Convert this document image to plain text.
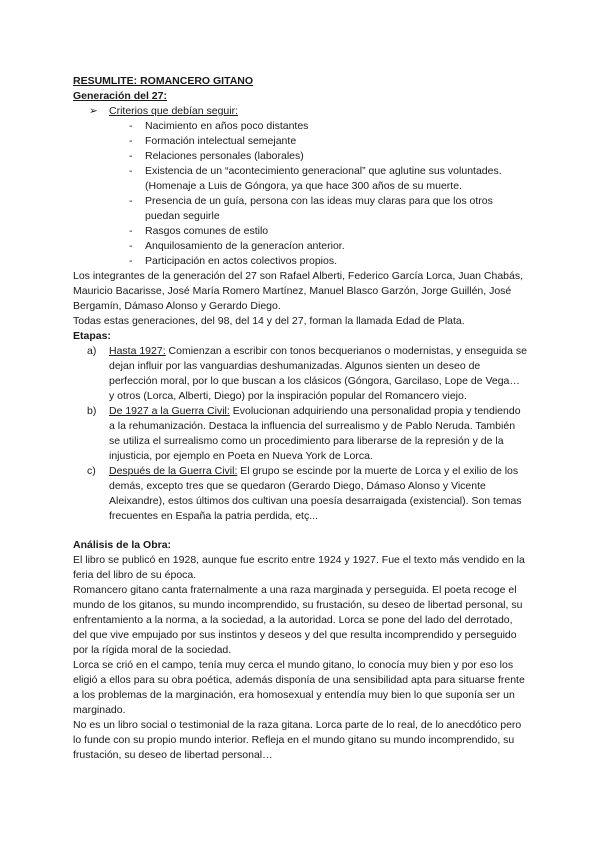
RESUMLITE: ROMANCERO GITANO

Generación del 27:

➢	Criterios que debían seguir:
- Nacimiento en años poco distantes
- Formación intelectual semejante
- Relaciones personales (laborales)
- Existencia de un “acontecimiento generacional” que aglutine sus voluntades. (Homenaje a Luis de Góngora, ya que hace 300 años de su muerte.
- Presencia de un guía, persona con las ideas muy claras para que los otros puedan seguirle
- Rasgos comunes de estilo
- Anquilosamiento de la generacíon anterior.
- Participación en actos colectivos propios.

Los integrantes de la generación del 27 son Rafael Alberti, Federico García Lorca, Juan Chabás, Mauricio Bacarisse, José María Romero Martínez, Manuel Blasco Garzón, Jorge Guillén, José Bergamín, Dámaso Alonso y Gerardo Diego.

Todas estas generaciones, del 98, del 14 y del 27, forman la llamada Edad de Plata.

Etapas:

a)	Hasta 1927: Comienzan a escribir con tonos becquerianos o modernistas, y enseguida se dejan influir por las vanguardias deshumanizadas. Algunos sienten un deseo de perfección moral, por lo que buscan a los clásicos (Góngora, Garcilaso, Lope de Vega… y otros (Lorca, Alberti, Diego) por la inspiración popular del Romancero viejo.
b)	De 1927 a la Guerra Civil: Evolucionan adquiriendo una personalidad propia y tendiendo a la rehumanización. Destaca la influencia del surrealismo y de Pablo Neruda. También se utiliza el surrealismo como un procedimiento para liberarse de la represión y de la injusticia, por ejemplo en Poeta en Nueva York de Lorca.
c)	Después de la Guerra Civil: El grupo se escinde por la muerte de Lorca y el exilio de los demás, excepto tres que se quedaron (Gerardo Diego, Dámaso Alonso y Vicente Aleixandre), estos últimos dos cultivan una poesía desarraigada (existencial). Son temas frecuentes en España la patria perdida, etç...

Análisis de la Obra:

El libro se publicó en 1928, aunque fue escrito entre 1924 y 1927. Fue el texto más vendido en la feria del libro de su época.

Romancero gitano canta fraternalmente a una raza marginada y perseguida. El poeta recoge el mundo de los gitanos, su mundo incomprendido, su frustación, su deseo de libertad personal, su enfrentamiento a la norma, a la sociedad, a la autoridad. Lorca se pone del lado del derrotado, del que vive empujado por sus instintos y deseos y del que resulta incomprendido y perseguido por la rígida moral de la sociedad.

Lorca se crió en el campo, tenía muy cerca el mundo gitano, lo conocía muy bien y por eso los eligió a ellos para su obra poética, además disponía de una sensibilidad apta para situarse frente a los problemas de la marginación, era homosexual y entendía muy bien lo que suponía ser un marginado.

No es un libro social o testimonial de la raza gitana. Lorca parte de lo real, de lo anecdótico pero lo funde con su propio mundo interior. Refleja en el mundo gitano su mundo incomprendido, su frustación, su deseo de libertad personal…
